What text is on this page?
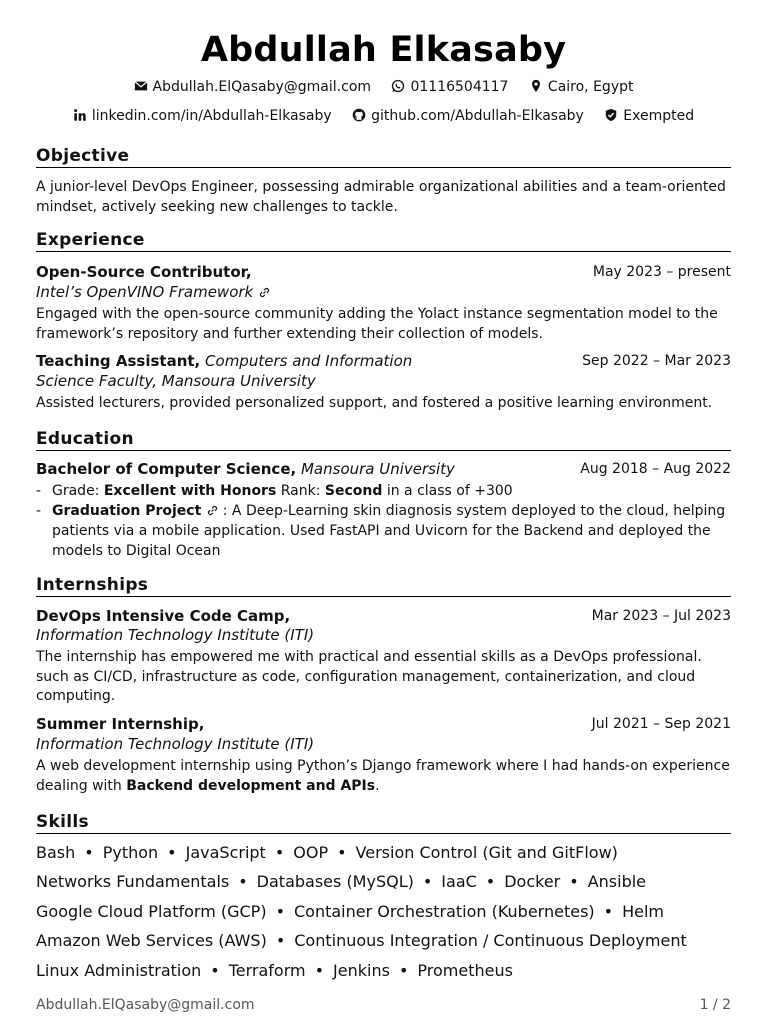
Abdullah Elkasaby
Abdullah.ElQasaby@gmail.com	01116504117	Cairo, Egypt
linkedin.com/in/Abdullah-Elkasaby	github.com/Abdullah-Elkasaby	Exempted
Objective
A junior-level DevOps Engineer, possessing admirable organizational abilities and a team-oriented mindset, actively seeking new challenges to tackle.
Experience
Open-Source Contributor,	May 2023 – present
Intel’s OpenVINO Framework
Engaged with the open-source community adding the Yolact instance segmentation model to the framework’s repository and further extending their collection of models.
Teaching Assistant, Computers and Information	Sep 2022 – Mar 2023
Science Faculty, Mansoura University
Assisted lecturers, provided personalized support, and fostered a positive learning environment.
Education
Bachelor of Computer Science, Mansoura University	Aug 2018 – Aug 2022
- Grade: Excellent with Honors Rank: Second in a class of +300
- Graduation Project : A Deep-Learning skin diagnosis system deployed to the cloud, helping patients via a mobile application. Used FastAPI and Uvicorn for the Backend and deployed the models to Digital Ocean
Internships
DevOps Intensive Code Camp,	Mar 2023 – Jul 2023
Information Technology Institute (ITI)
The internship has empowered me with practical and essential skills as a DevOps professional. such as CI/CD, infrastructure as code, configuration management, containerization, and cloud computing.
Summer Internship,	Jul 2021 – Sep 2021
Information Technology Institute (ITI)
A web development internship using Python’s Django framework where I had hands-on experience dealing with Backend development and APIs.
Skills
Bash • Python • JavaScript • OOP • Version Control (Git and GitFlow)
Networks Fundamentals • Databases (MySQL) • IaaC • Docker • Ansible
Google Cloud Platform (GCP) • Container Orchestration (Kubernetes) • Helm
Amazon Web Services (AWS) • Continuous Integration / Continuous Deployment
Linux Administration • Terraform • Jenkins • Prometheus
Abdullah.ElQasaby@gmail.com	1 / 2
